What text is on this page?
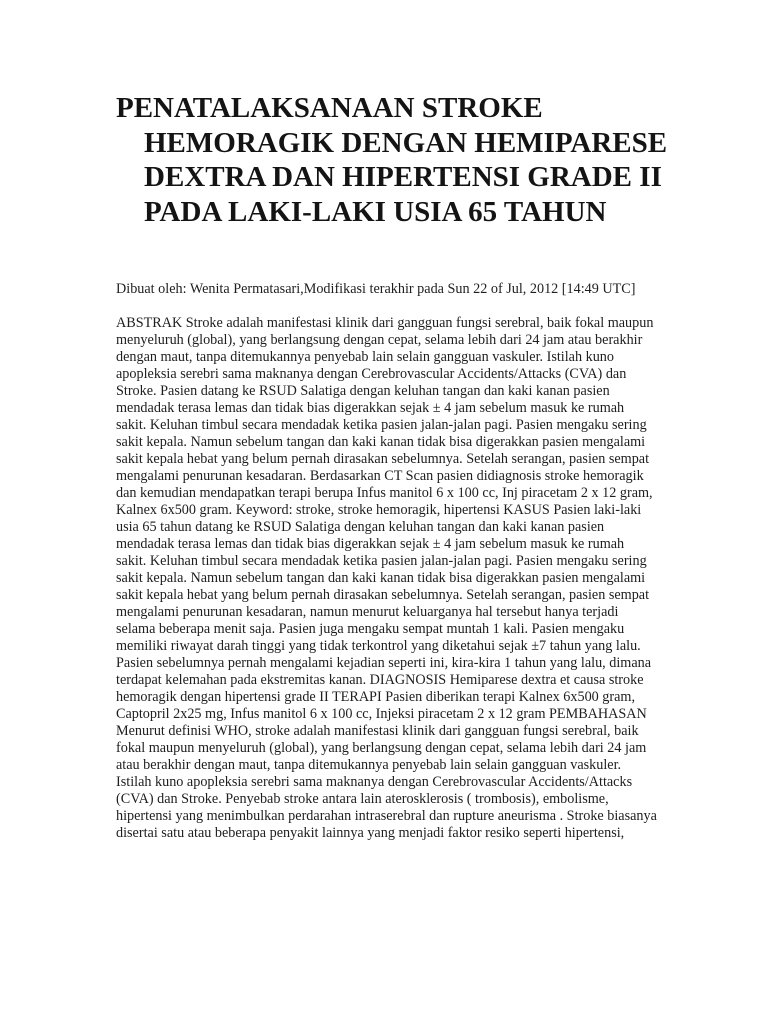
PENATALAKSANAAN STROKE HEMORAGIK DENGAN HEMIPARESE DEXTRA DAN HIPERTENSI GRADE II PADA LAKI-LAKI USIA 65 TAHUN

Dibuat oleh: Wenita Permatasari,Modifikasi terakhir pada Sun 22 of Jul, 2012 [14:49 UTC]

ABSTRAK Stroke adalah manifestasi klinik dari gangguan fungsi serebral, baik fokal maupun menyeluruh (global), yang berlangsung dengan cepat, selama lebih dari 24 jam atau berakhir dengan maut, tanpa ditemukannya penyebab lain selain gangguan vaskuler. Istilah kuno apopleksia serebri sama maknanya dengan Cerebrovascular Accidents/Attacks (CVA) dan Stroke. Pasien datang ke RSUD Salatiga dengan keluhan tangan dan kaki kanan pasien mendadak terasa lemas dan tidak bias digerakkan sejak ± 4 jam sebelum masuk ke rumah sakit. Keluhan timbul secara mendadak ketika pasien jalan-jalan pagi. Pasien mengaku sering sakit kepala. Namun sebelum tangan dan kaki kanan tidak bisa digerakkan pasien mengalami sakit kepala hebat yang belum pernah dirasakan sebelumnya. Setelah serangan, pasien sempat mengalami penurunan kesadaran. Berdasarkan CT Scan pasien didiagnosis stroke hemoragik dan kemudian mendapatkan terapi berupa Infus manitol 6 x 100 cc, Inj piracetam 2 x 12 gram, Kalnex 6x500 gram. Keyword: stroke, stroke hemoragik, hipertensi KASUS Pasien laki-laki usia 65 tahun datang ke RSUD Salatiga dengan keluhan tangan dan kaki kanan pasien mendadak terasa lemas dan tidak bias digerakkan sejak ± 4 jam sebelum masuk ke rumah sakit. Keluhan timbul secara mendadak ketika pasien jalan-jalan pagi. Pasien mengaku sering sakit kepala. Namun sebelum tangan dan kaki kanan tidak bisa digerakkan pasien mengalami sakit kepala hebat yang belum pernah dirasakan sebelumnya. Setelah serangan, pasien sempat mengalami penurunan kesadaran, namun menurut keluarganya hal tersebut hanya terjadi selama beberapa menit saja. Pasien juga mengaku sempat muntah 1 kali. Pasien mengaku memiliki riwayat darah tinggi yang tidak terkontrol yang diketahui sejak ±7 tahun yang lalu. Pasien sebelumnya pernah mengalami kejadian seperti ini, kira-kira 1 tahun yang lalu, dimana terdapat kelemahan pada ekstremitas kanan. DIAGNOSIS Hemiparese dextra et causa stroke hemoragik dengan hipertensi grade II TERAPI Pasien diberikan terapi Kalnex 6x500 gram, Captopril 2x25 mg, Infus manitol 6 x 100 cc, Injeksi piracetam 2 x 12 gram PEMBAHASAN Menurut definisi WHO, stroke adalah manifestasi klinik dari gangguan fungsi serebral, baik fokal maupun menyeluruh (global), yang berlangsung dengan cepat, selama lebih dari 24 jam atau berakhir dengan maut, tanpa ditemukannya penyebab lain selain gangguan vaskuler. Istilah kuno apopleksia serebri sama maknanya dengan Cerebrovascular Accidents/Attacks (CVA) dan Stroke. Penyebab stroke antara lain aterosklerosis ( trombosis), embolisme, hipertensi yang menimbulkan perdarahan intraserebral dan rupture aneurisma . Stroke biasanya disertai satu atau beberapa penyakit lainnya yang menjadi faktor resiko seperti hipertensi,
